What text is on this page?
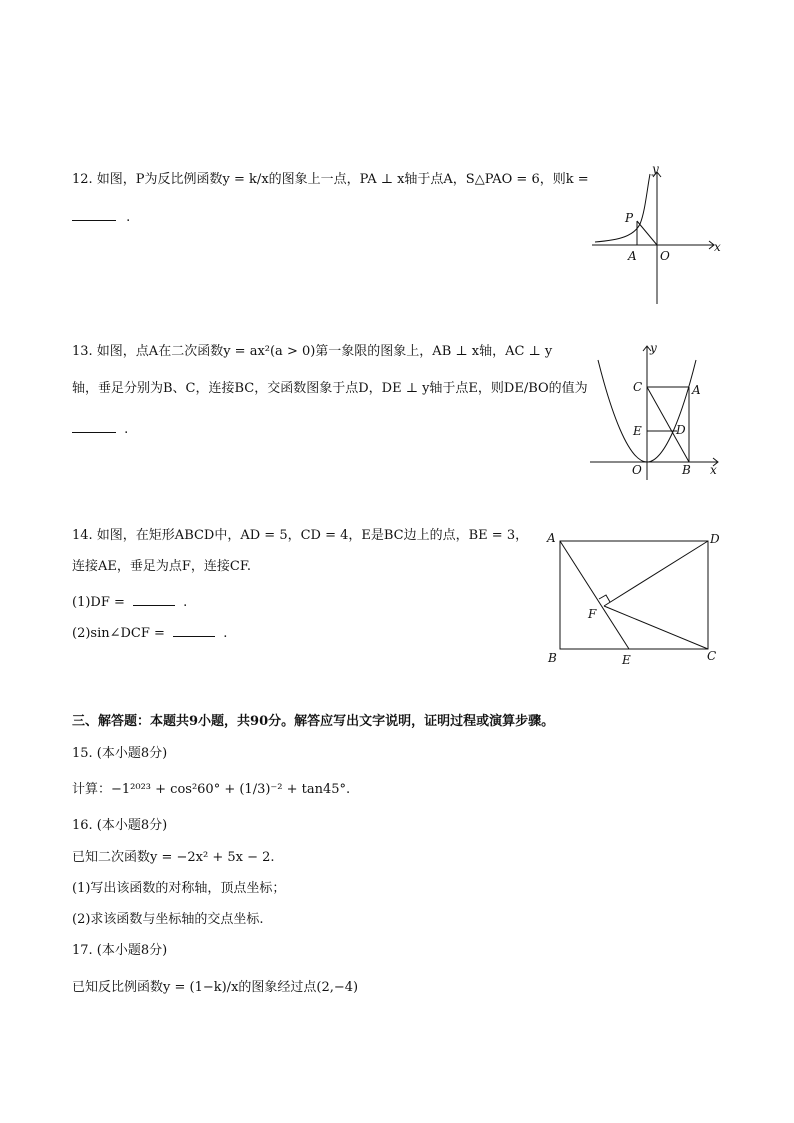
12. 如图，P为反比例函数y = k/x的图象上一点，PA ⊥ x轴于点A，S△PAO = 6，则k =
.
y
x
P
A O
13. 如图，点A在二次函数y = ax²(a > 0)第一象限的图象上，AB ⊥ x轴，AC ⊥ y
轴，垂足分别为B、C，连接BC，交函数图象于点D，DE ⊥ y轴于点E，则DE/BO的值为
.
y
x
C	A
E	D
O	B
14. 如图，在矩形ABCD中，AD = 5，CD = 4，E是BC边上的点，BE = 3，
连接AE，垂足为点F，连接CF.
(1)DF =	.
(2)sin∠DCF =	.
A	D
F
B	E	C
三、解答题：本题共9小题，共90分。解答应写出文字说明，证明过程或演算步骤。
15. (本小题8分)
计算：−1²⁰²³ + cos²60° + (1/3)⁻² + tan45°.
16. (本小题8分)
已知二次函数y = −2x² + 5x − 2.
(1)写出该函数的对称轴，顶点坐标；
(2)求该函数与坐标轴的交点坐标.
17. (本小题8分)
已知反比例函数y = (1−k)/x的图象经过点(2,−4)
